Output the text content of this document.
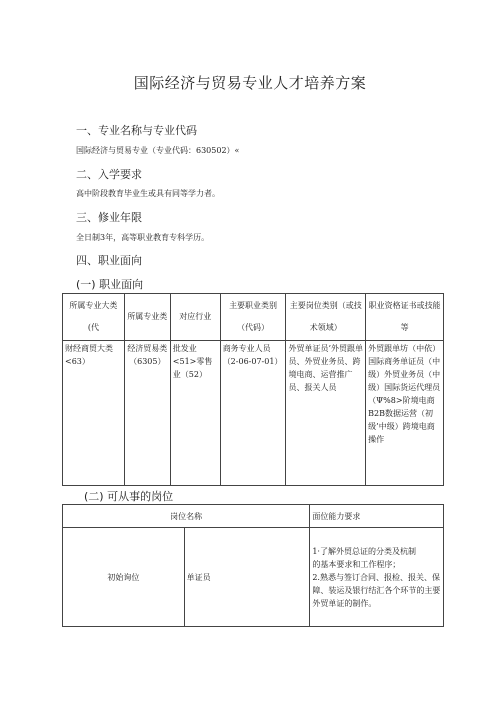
国际经济与贸易专业人才培养方案
一、专业名称与专业代码
国际经济与贸易专业（专业代码：630502）«
二、入学要求
高中阶段教育毕业生或具有同等学力者。
三、修业年限
全日制3年，高等职业教育专科学历。
四、职业面向
(一) 职业面向
所属专业大类(代	所属专业类	对应行业	主要职业类别（代码）	主要岗位类别（或技术领域）	职业资格证书或技能等
财经商贸大类<63）	经济贸易类（6305）	批发业<51>零售业（52）	商务专业人员（2-06-07-01）	外贸单证员’外贸跟单员、外贸业务员、跨境电商、运营推广员、报关人员	外贸跟单坊（中依）国际商务单证员（中级）外贸业务员（中级）国际货运代理员（Ψ%8>阶境电商B2B数据运营（初级’中级）跨境电商操作
(二) 可从事的岗位
岗位名称		面位能力要求
初始询位	单证员	1·了解外贸总证的分类及杭制
的基本要求和工作程序；
2.熟悉与签订合同、报检、报关、保障、装运及银行结汇各个环节的主要外贸单证的制作。
